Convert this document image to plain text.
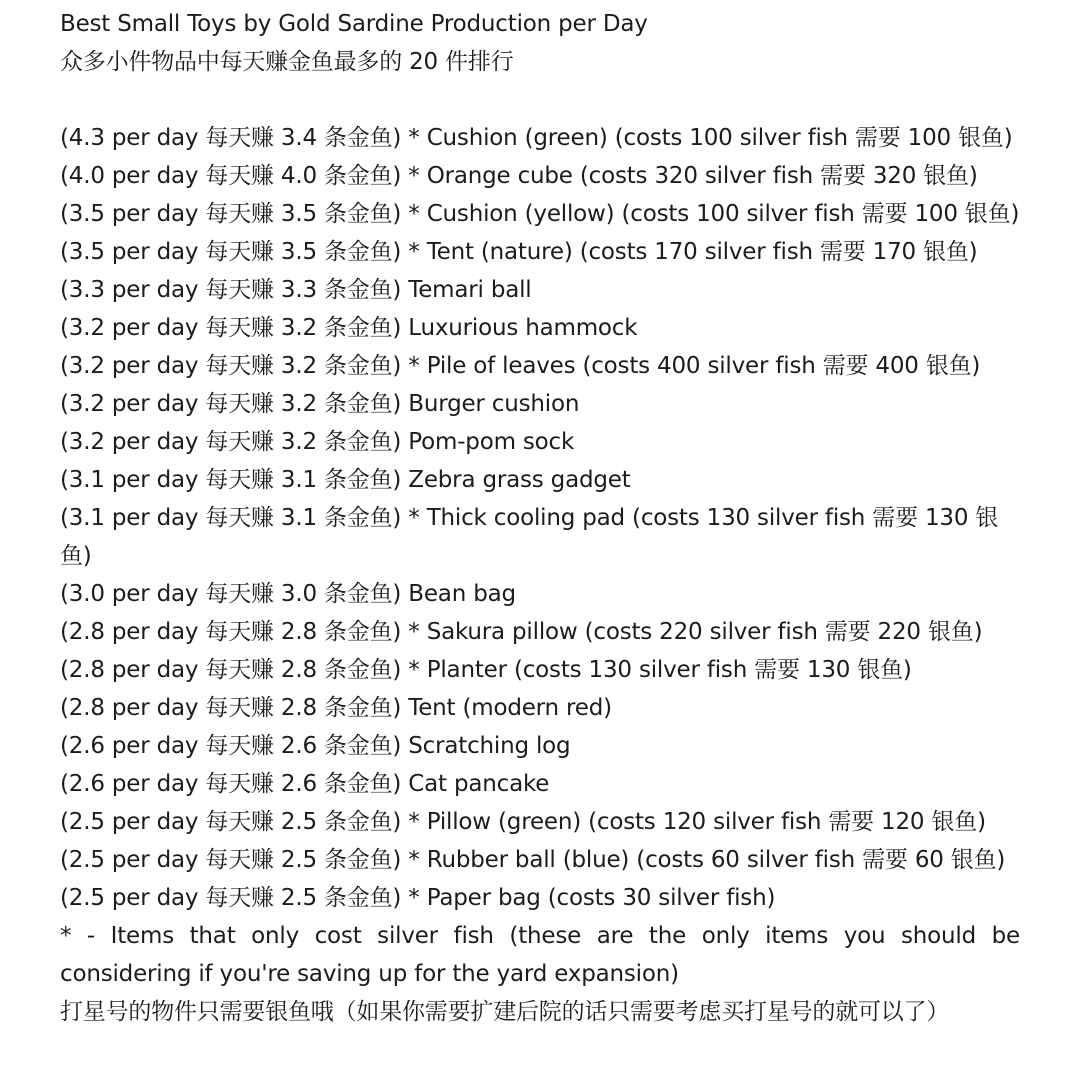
Best Small Toys by Gold Sardine Production per Day
众多小件物品中每天赚金鱼最多的 20 件排行
(4.3 per day 每天赚 3.4 条金鱼) * Cushion (green) (costs 100 silver fish 需要 100 银鱼)
(4.0 per day 每天赚 4.0 条金鱼) * Orange cube (costs 320 silver fish 需要 320 银鱼)
(3.5 per day 每天赚 3.5 条金鱼) * Cushion (yellow) (costs 100 silver fish 需要 100 银鱼)
(3.5 per day 每天赚 3.5 条金鱼) * Tent (nature) (costs 170 silver fish 需要 170 银鱼)
(3.3 per day 每天赚 3.3 条金鱼) Temari ball
(3.2 per day 每天赚 3.2 条金鱼) Luxurious hammock
(3.2 per day 每天赚 3.2 条金鱼) * Pile of leaves (costs 400 silver fish 需要 400 银鱼)
(3.2 per day 每天赚 3.2 条金鱼) Burger cushion
(3.2 per day 每天赚 3.2 条金鱼) Pom-pom sock
(3.1 per day 每天赚 3.1 条金鱼) Zebra grass gadget
(3.1 per day 每天赚 3.1 条金鱼) * Thick cooling pad (costs 130 silver fish 需要 130 银鱼)
(3.0 per day 每天赚 3.0 条金鱼) Bean bag
(2.8 per day 每天赚 2.8 条金鱼) * Sakura pillow (costs 220 silver fish 需要 220 银鱼)
(2.8 per day 每天赚 2.8 条金鱼) * Planter (costs 130 silver fish 需要 130 银鱼)
(2.8 per day 每天赚 2.8 条金鱼) Tent (modern red)
(2.6 per day 每天赚 2.6 条金鱼) Scratching log
(2.6 per day 每天赚 2.6 条金鱼) Cat pancake
(2.5 per day 每天赚 2.5 条金鱼) * Pillow (green) (costs 120 silver fish 需要 120 银鱼)
(2.5 per day 每天赚 2.5 条金鱼) * Rubber ball (blue) (costs 60 silver fish 需要 60 银鱼)
(2.5 per day 每天赚 2.5 条金鱼) * Paper bag (costs 30 silver fish)
* - Items that only cost silver fish (these are the only items you should be considering if you're saving up for the yard expansion)
打星号的物件只需要银鱼哦（如果你需要扩建后院的话只需要考虑买打星号的就可以了）
